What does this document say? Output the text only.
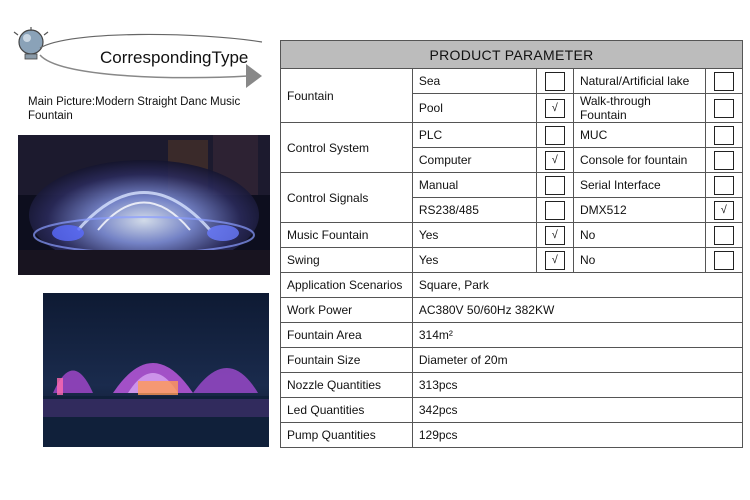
CorrespondingType
Main Picture:Modern Straight Danc Music Fountain
PRODUCT PARAMETER				
Fountain	Sea		Natural/Artificial lake	

	Pool	√	Walk-through Fountain	

Control System	PLC		MUC	

	Computer	√	Console for fountain	

Control Signals	Manual		Serial Interface	

	RS238/485		DMX512	√

Music Fountain	Yes	√	No	

Swing	Yes	√	No	

Application Scenarios	Square, Park			
Work Power	AC380V 50/60Hz 382KW			
Fountain Area	314m²			
Fountain Size	Diameter of 20m			
Nozzle Quantities	313pcs			
Led Quantities	342pcs			
Pump Quantities	129pcs			
